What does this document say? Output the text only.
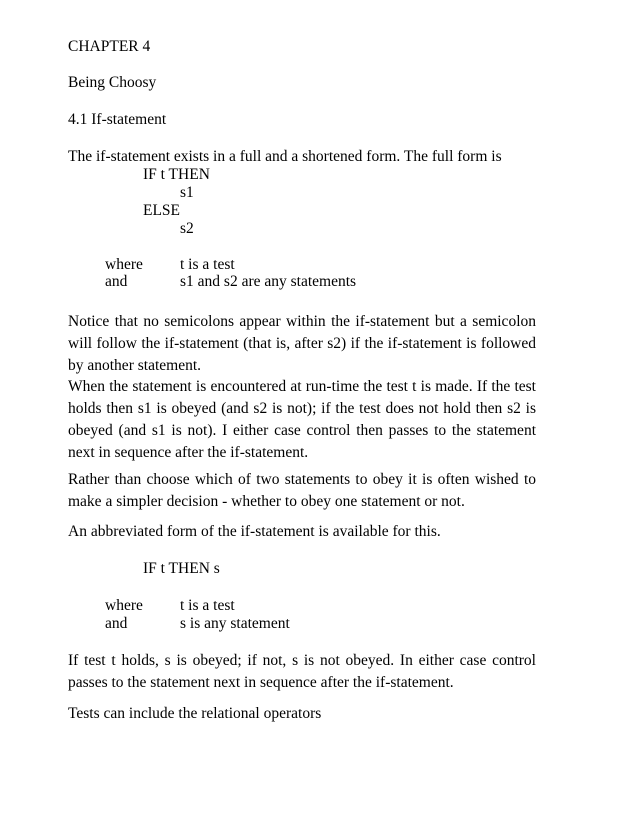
CHAPTER 4
Being Choosy
4.1 If-statement
The if-statement exists in a full and a shortened form. The full form is
IF t THEN
s1
ELSE
s2
where t is a test
and	s1 and s2 are any statements
Notice that no semicolons appear within the if-statement but a semicolon will follow the if-statement (that is, after s2) if the if-statement is followed by another statement.
When the statement is encountered at run-time the test t is made. If the test holds then s1 is obeyed (and s2 is not); if the test does not hold then s2 is obeyed (and s1 is not). I either case control then passes to the statement next in sequence after the if-statement.
Rather than choose which of two statements to obey it is often wished to make a simpler decision - whether to obey one statement or not.
An abbreviated form of the if-statement is available for this.
IF t THEN s
where t is a test
and	s is any statement
If test t holds, s is obeyed; if not, s is not obeyed. In either case control passes to the statement next in sequence after the if-statement.
Tests can include the relational operators
